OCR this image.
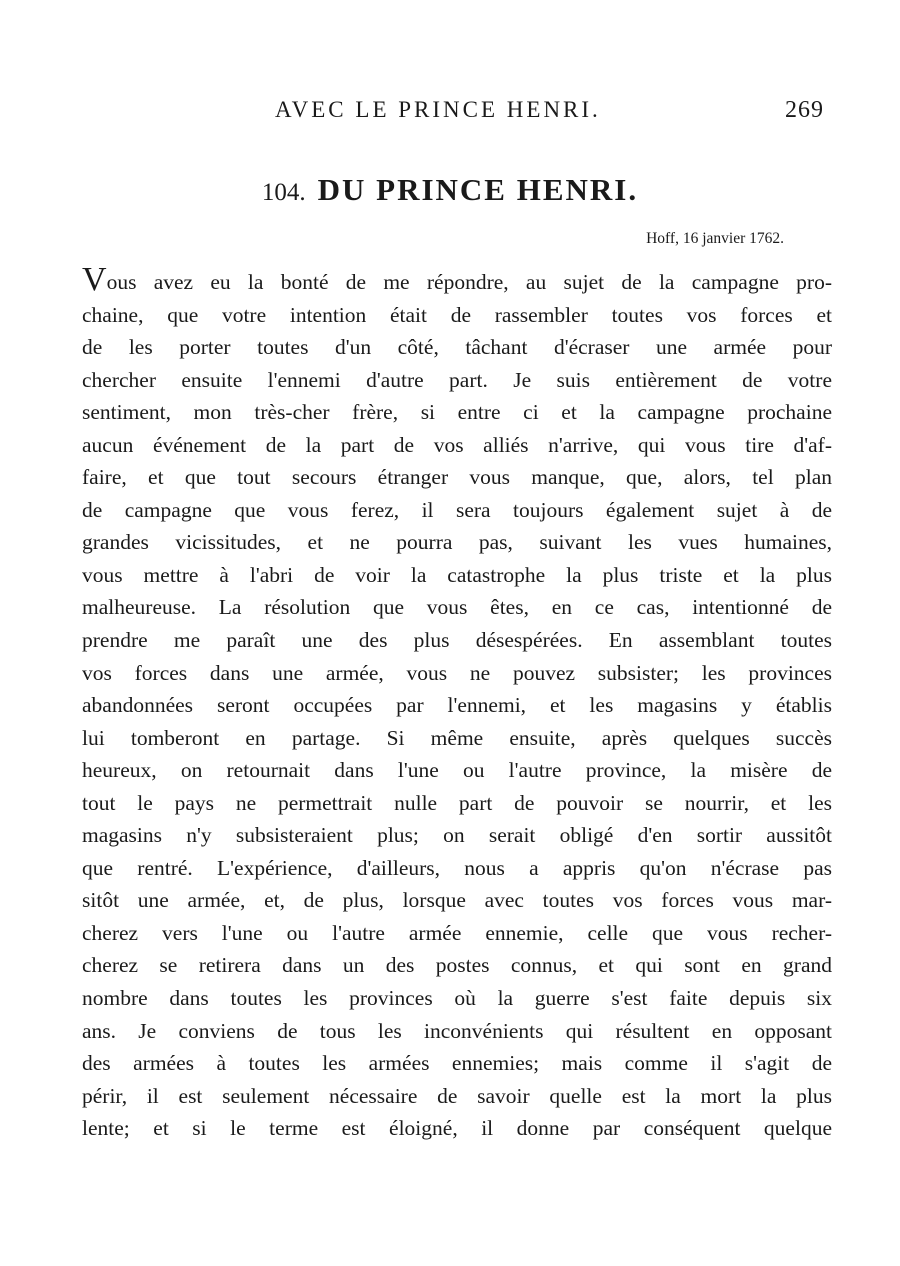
AVEC LE PRINCE HENRI.	269
104. DU PRINCE HENRI.
Hoff, 16 janvier 1762.

Vous avez eu la bonté de me répondre, au sujet de la campagne pro-
chaine, que votre intention était de rassembler toutes vos forces et
de les porter toutes d'un côté, tâchant d'écraser une armée pour
chercher ensuite l'ennemi d'autre part. Je suis entièrement de votre
sentiment, mon très-cher frère, si entre ci et la campagne prochaine
aucun événement de la part de vos alliés n'arrive, qui vous tire d'af-
faire, et que tout secours étranger vous manque, que, alors, tel plan
de campagne que vous ferez, il sera toujours également sujet à de
grandes vicissitudes, et ne pourra pas, suivant les vues humaines,
vous mettre à l'abri de voir la catastrophe la plus triste et la plus
malheureuse. La résolution que vous êtes, en ce cas, intentionné de
prendre me paraît une des plus désespérées. En assemblant toutes
vos forces dans une armée, vous ne pouvez subsister; les provinces
abandonnées seront occupées par l'ennemi, et les magasins y établis
lui tomberont en partage. Si même ensuite, après quelques succès
heureux, on retournait dans l'une ou l'autre province, la misère de
tout le pays ne permettrait nulle part de pouvoir se nourrir, et les
magasins n'y subsisteraient plus; on serait obligé d'en sortir aussitôt
que rentré. L'expérience, d'ailleurs, nous a appris qu'on n'écrase pas
sitôt une armée, et, de plus, lorsque avec toutes vos forces vous mar-
cherez vers l'une ou l'autre armée ennemie, celle que vous recher-
cherez se retirera dans un des postes connus, et qui sont en grand
nombre dans toutes les provinces où la guerre s'est faite depuis six
ans. Je conviens de tous les inconvénients qui résultent en opposant
des armées à toutes les armées ennemies; mais comme il s'agit de
périr, il est seulement nécessaire de savoir quelle est la mort la plus
lente; et si le terme est éloigné, il donne par conséquent quelque
